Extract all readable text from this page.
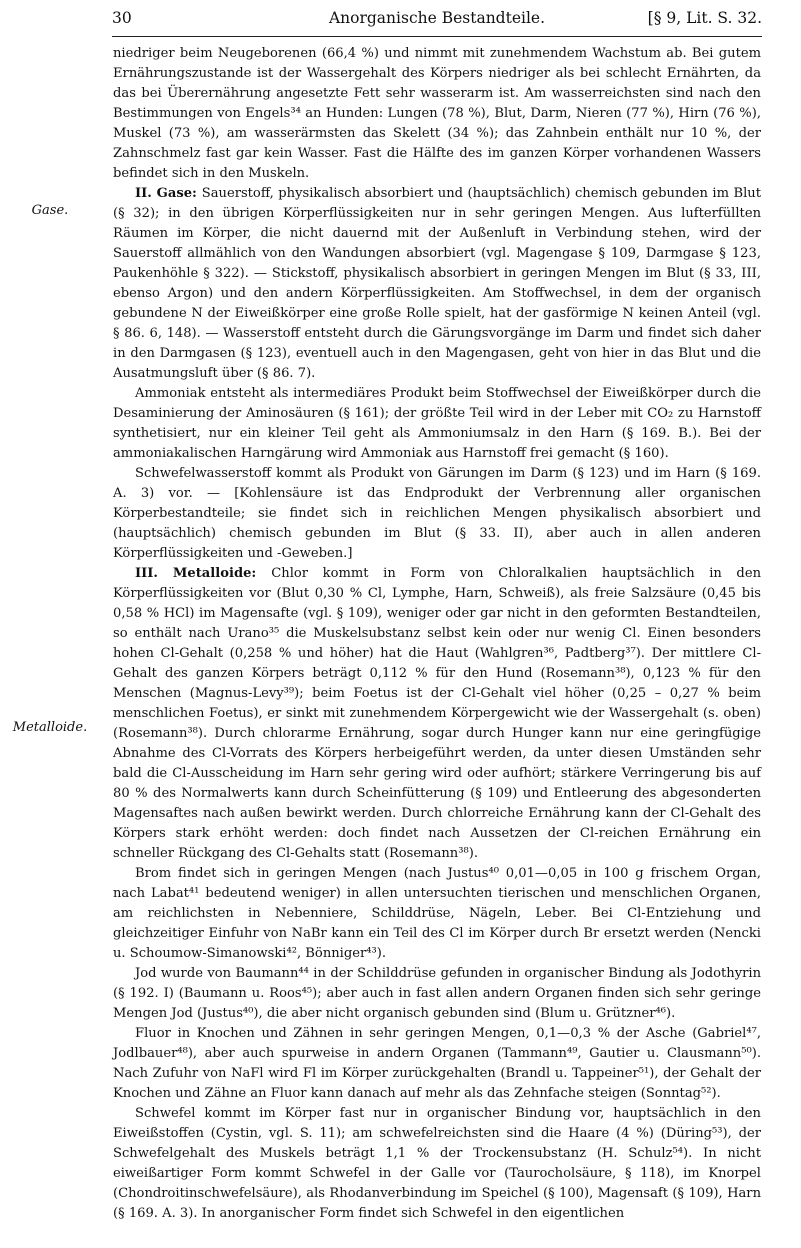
30	Anorganische Bestandteile.	[§ 9, Lit. S. 32.
Gase.
Metalloide.

niedriger beim Neugeborenen (66,4 %) und nimmt mit zunehmendem Wachstum ab. Bei gutem Ernährungszustande ist der Wassergehalt des Körpers niedriger als bei schlecht Ernährten, da das bei Überernährung angesetzte Fett sehr wasserarm ist. Am wasserreichsten sind nach den Bestimmungen von Engels³⁴ an Hunden: Lungen (78 %), Blut, Darm, Nieren (77 %), Hirn (76 %), Muskel (73 %), am wasserärmsten das Skelett (34 %); das Zahnbein enthält nur 10 %, der Zahnschmelz fast gar kein Wasser. Fast die Hälfte des im ganzen Körper vorhandenen Wassers befindet sich in den Muskeln.

II. Gase: Sauerstoff, physikalisch absorbiert und (hauptsächlich) chemisch gebunden im Blut (§ 32); in den übrigen Körperflüssigkeiten nur in sehr geringen Mengen. Aus lufterfüllten Räumen im Körper, die nicht dauernd mit der Außenluft in Verbindung stehen, wird der Sauerstoff allmählich von den Wandungen absorbiert (vgl. Magengase § 109, Darmgase § 123, Paukenhöhle § 322). — Stickstoff, physikalisch absorbiert in geringen Mengen im Blut (§ 33, III, ebenso Argon) und den andern Körperflüssigkeiten. Am Stoffwechsel, in dem der organisch gebundene N der Eiweißkörper eine große Rolle spielt, hat der gasförmige N keinen Anteil (vgl. § 86. 6, 148). — Wasserstoff entsteht durch die Gärungsvorgänge im Darm und findet sich daher in den Darmgasen (§ 123), eventuell auch in den Magengasen, geht von hier in das Blut und die Ausatmungsluft über (§ 86. 7).

Ammoniak entsteht als intermediäres Produkt beim Stoffwechsel der Eiweißkörper durch die Desaminierung der Aminosäuren (§ 161); der größte Teil wird in der Leber mit CO₂ zu Harnstoff synthetisiert, nur ein kleiner Teil geht als Ammoniumsalz in den Harn (§ 169. B.). Bei der ammoniakalischen Harngärung wird Ammoniak aus Harnstoff frei gemacht (§ 160).

Schwefelwasserstoff kommt als Produkt von Gärungen im Darm (§ 123) und im Harn (§ 169. A. 3) vor. — [Kohlensäure ist das Endprodukt der Verbrennung aller organischen Körperbestandteile; sie findet sich in reichlichen Mengen physikalisch absorbiert und (hauptsächlich) chemisch gebunden im Blut (§ 33. II), aber auch in allen anderen Körperflüssigkeiten und -Geweben.]

III. Metalloide: Chlor kommt in Form von Chloralkalien hauptsächlich in den Körperflüssigkeiten vor (Blut 0,30 % Cl, Lymphe, Harn, Schweiß), als freie Salzsäure (0,45 bis 0,58 % HCl) im Magensafte (vgl. § 109), weniger oder gar nicht in den geformten Bestandteilen, so enthält nach Urano³⁵ die Muskelsubstanz selbst kein oder nur wenig Cl. Einen besonders hohen Cl-Gehalt (0,258 % und höher) hat die Haut (Wahlgren³⁶, Padtberg³⁷). Der mittlere Cl-Gehalt des ganzen Körpers beträgt 0,112 % für den Hund (Rosemann³⁸), 0,123 % für den Menschen (Magnus-Levy³⁹); beim Foetus ist der Cl-Gehalt viel höher (0,25 – 0,27 % beim menschlichen Foetus), er sinkt mit zunehmendem Körpergewicht wie der Wassergehalt (s. oben) (Rosemann³⁸). Durch chlorarme Ernährung, sogar durch Hunger kann nur eine geringfügige Abnahme des Cl-Vorrats des Körpers herbeigeführt werden, da unter diesen Umständen sehr bald die Cl-Ausscheidung im Harn sehr gering wird oder aufhört; stärkere Verringerung bis auf 80 % des Normalwerts kann durch Scheinfütterung (§ 109) und Entleerung des abgesonderten Magensaftes nach außen bewirkt werden. Durch chlorreiche Ernährung kann der Cl-Gehalt des Körpers stark erhöht werden: doch findet nach Aussetzen der Cl-reichen Ernährung ein schneller Rückgang des Cl-Gehalts statt (Rosemann³⁸).

Brom findet sich in geringen Mengen (nach Justus⁴⁰ 0,01—0,05 in 100 g frischem Organ, nach Labat⁴¹ bedeutend weniger) in allen untersuchten tierischen und menschlichen Organen, am reichlichsten in Nebenniere, Schilddrüse, Nägeln, Leber. Bei Cl-Entziehung und gleichzeitiger Einfuhr von NaBr kann ein Teil des Cl im Körper durch Br ersetzt werden (Nencki u. Schoumow-Simanowski⁴², Bönniger⁴³).

Jod wurde von Baumann⁴⁴ in der Schilddrüse gefunden in organischer Bindung als Jodothyrin (§ 192. I) (Baumann u. Roos⁴⁵); aber auch in fast allen andern Organen finden sich sehr geringe Mengen Jod (Justus⁴⁰), die aber nicht organisch gebunden sind (Blum u. Grützner⁴⁶).

Fluor in Knochen und Zähnen in sehr geringen Mengen, 0,1—0,3 % der Asche (Gabriel⁴⁷, Jodlbauer⁴⁸), aber auch spurweise in andern Organen (Tammann⁴⁹, Gautier u. Clausmann⁵⁰). Nach Zufuhr von NaFl wird Fl im Körper zurückgehalten (Brandl u. Tappeiner⁵¹), der Gehalt der Knochen und Zähne an Fluor kann danach auf mehr als das Zehnfache steigen (Sonntag⁵²).

Schwefel kommt im Körper fast nur in organischer Bindung vor, hauptsächlich in den Eiweißstoffen (Cystin, vgl. S. 11); am schwefelreichsten sind die Haare (4 %) (Düring⁵³), der Schwefelgehalt des Muskels beträgt 1,1 % der Trockensubstanz (H. Schulz⁵⁴). In nicht eiweißartiger Form kommt Schwefel in der Galle vor (Taurocholsäure, § 118), im Knorpel (Chondroitinschwefelsäure), als Rhodanverbindung im Speichel (§ 100), Magensaft (§ 109), Harn (§ 169. A. 3). In anorganischer Form findet sich Schwefel in den eigentlichen
